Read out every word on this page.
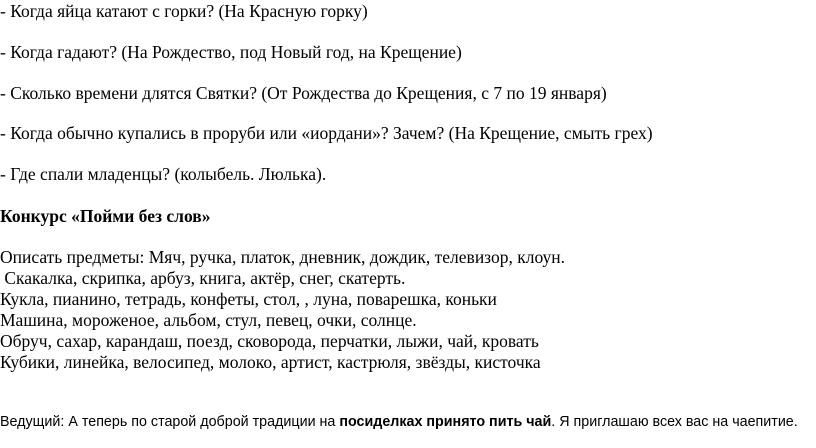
- Когда яйца катают с горки? (На Красную горку)
- Когда гадают? (На Рождество, под Новый год, на Крещение)
- Сколько времени длятся Святки? (От Рождества до Крещения, с 7 по 19 января)
- Когда обычно купались в проруби или «иордани»? Зачем? (На Крещение, смыть грех)
- Где спали младенцы? (колыбель. Люлька).
Конкурс «Пойми без слов»
Описать предметы: Мяч, ручка, платок, дневник, дождик, телевизор, клоун.
Скакалка, скрипка, арбуз, книга, актёр, снег, скатерть.
Кукла, пианино, тетрадь, конфеты, стол, , луна, поварешка, коньки
Машина, мороженое, альбом, стул, певец, очки, солнце.
Обруч, сахар, карандаш, поезд, сковорода, перчатки, лыжи, чай, кровать
Кубики, линейка, велосипед, молоко, артист, кастрюля, звёзды, кисточка
Ведущий: А теперь по старой доброй традиции на посиделках принято пить чай. Я приглашаю всех вас на чаепитие.
